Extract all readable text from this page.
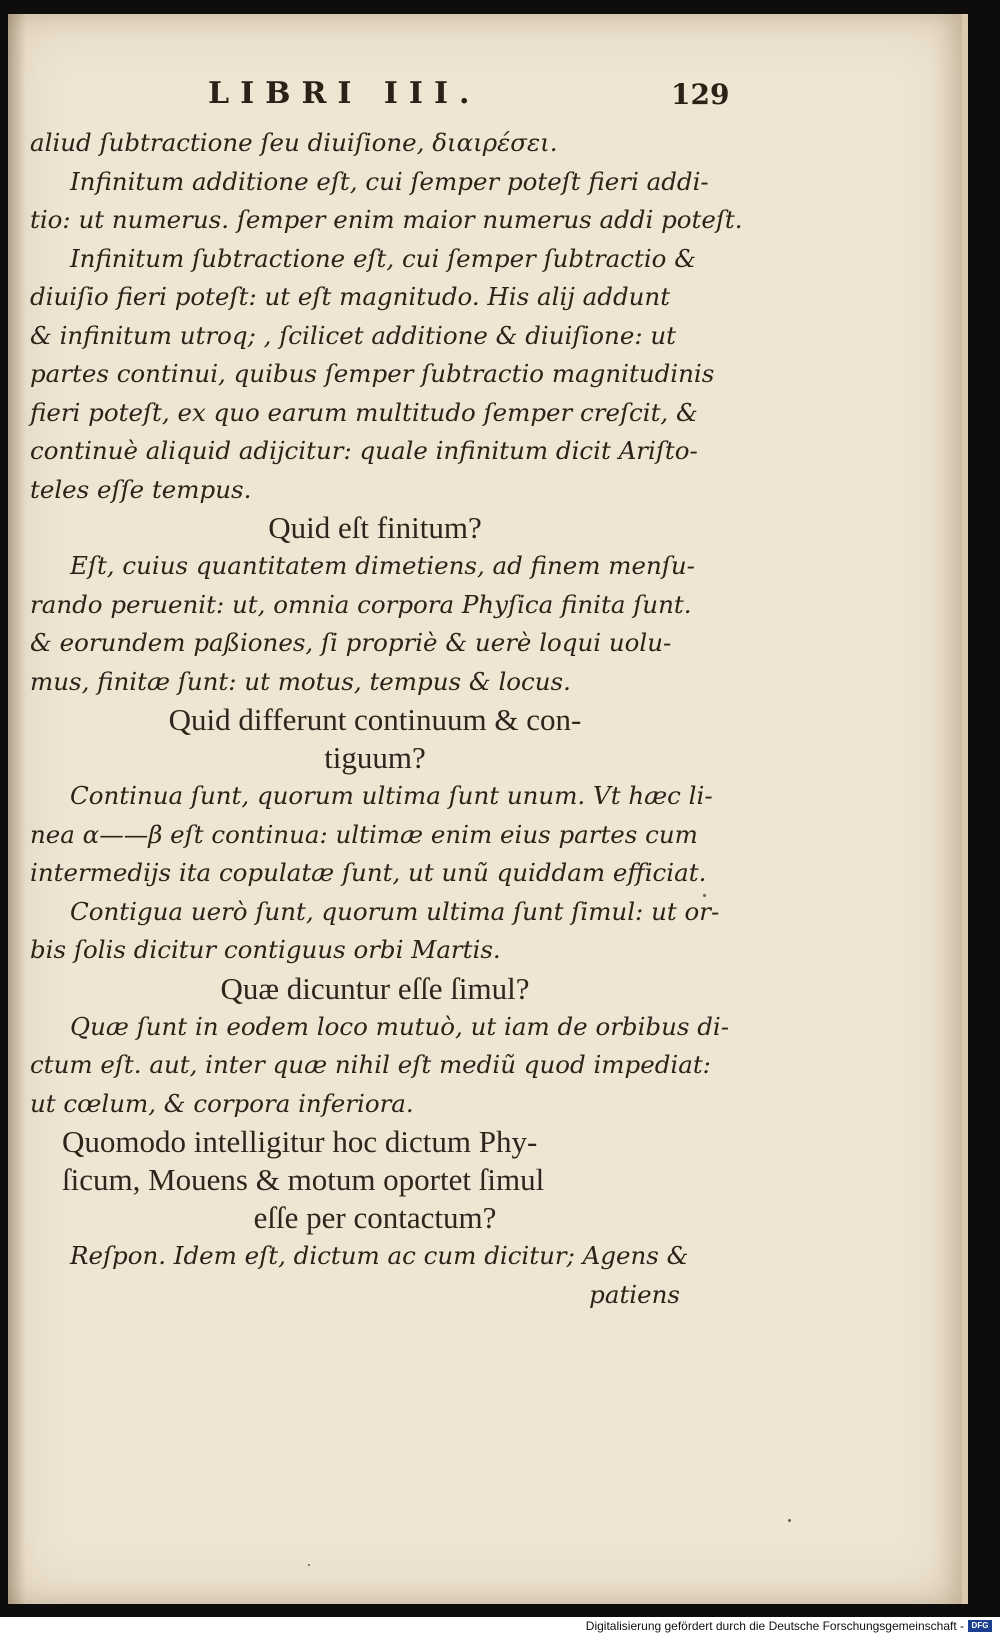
LIBRI III.	129
aliud ſubtractione ſeu diuiſione, διαιρέσει.
Infinitum additione eſt, cui ſemper poteſt fieri addi-
tio: ut numerus. ſemper enim maior numerus addi poteſt.
Infinitum ſubtractione eſt, cui ſemper ſubtractio &
diuiſio fieri poteſt: ut eſt magnitudo. His alij addunt
& infinitum utroq; , ſcilicet additione & diuiſione: ut
partes continui, quibus ſemper ſubtractio magnitudinis
fieri poteſt, ex quo earum multitudo ſemper creſcit, &
continuè aliquid adijcitur: quale infinitum dicit Ariſto-
teles eſſe tempus.
Quid eſt finitum?
Eſt, cuius quantitatem dimetiens, ad finem menſu-
rando peruenit: ut, omnia corpora Phyſica finita ſunt.
& eorundem paßiones, ſi propriè & uerè loqui uolu-
mus, finitæ ſunt: ut motus, tempus & locus.
Quid differunt continuum & con-
tiguum?
Continua ſunt, quorum ultima ſunt unum. Vt hæc li-
nea α——β eſt continua: ultimæ enim eius partes cum
intermedijs ita copulatæ ſunt, ut unũ quiddam efficiat.
Contigua uerò ſunt, quorum ultima ſunt ſimul: ut or-
bis ſolis dicitur contiguus orbi Martis.
Quæ dicuntur eſſe ſimul?
Quæ ſunt in eodem loco mutuò, ut iam de orbibus di-
ctum eſt. aut, inter quæ nihil eſt mediũ quod impediat:
ut cœlum, & corpora inferiora.
Quomodo intelligitur hoc dictum Phy-
ſicum, Mouens & motum oportet ſimul
eſſe per contactum?
Reſpon. Idem eſt, dictum ac cum dicitur; Agens &
patiens
Digitalisierung gefördert durch die Deutsche Forschungsgemeinschaft - DFG
